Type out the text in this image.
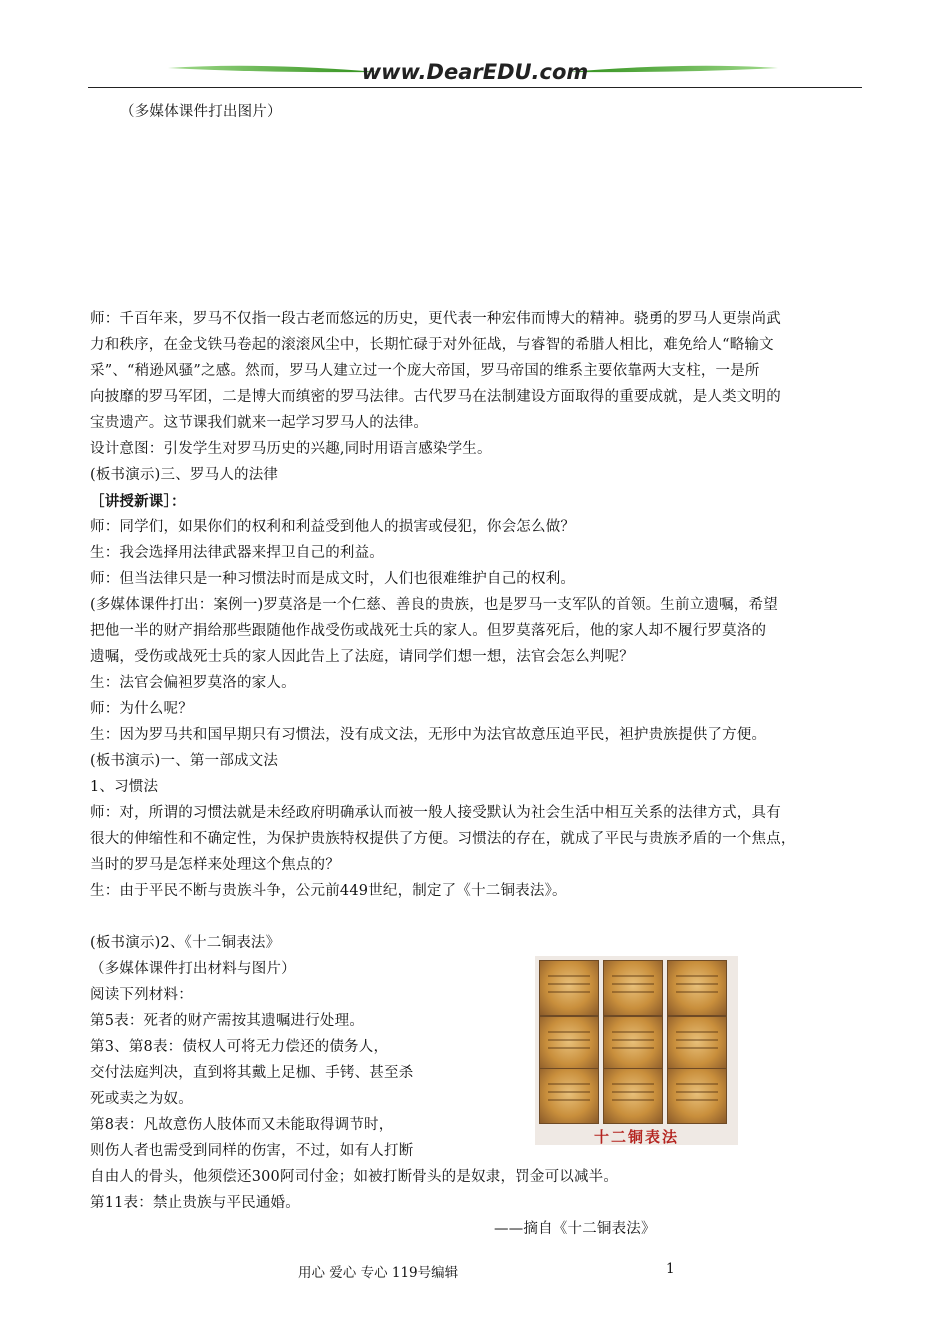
www.DearEDU.com
（多媒体课件打出图片）
师：千百年来，罗马不仅指一段古老而悠远的历史，更代表一种宏伟而博大的精神。骁勇的罗马人更崇尚武
力和秩序，在金戈铁马卷起的滚滚风尘中，长期忙碌于对外征战，与睿智的希腊人相比，难免给人“略输文
采”、“稍逊风骚”之感。然而，罗马人建立过一个庞大帝国，罗马帝国的维系主要依靠两大支柱，一是所
向披靡的罗马军团，二是博大而缜密的罗马法律。古代罗马在法制建设方面取得的重要成就，是人类文明的
宝贵遗产。这节课我们就来一起学习罗马人的法律。
设计意图：引发学生对罗马历史的兴趣,同时用语言感染学生。
(板书演示)三、罗马人的法律
［讲授新课］：
师：同学们，如果你们的权利和利益受到他人的损害或侵犯，你会怎么做？
生：我会选择用法律武器来捍卫自己的利益。
师：但当法律只是一种习惯法时而是成文时，人们也很难维护自己的权利。
(多媒体课件打出：案例一)罗莫洛是一个仁慈、善良的贵族，也是罗马一支军队的首领。生前立遗嘱，希望
把他一半的财产捐给那些跟随他作战受伤或战死士兵的家人。但罗莫落死后，他的家人却不履行罗莫洛的
遗嘱，受伤或战死士兵的家人因此告上了法庭，请同学们想一想，法官会怎么判呢？
生：法官会偏袒罗莫洛的家人。
师：为什么呢？
生：因为罗马共和国早期只有习惯法，没有成文法，无形中为法官故意压迫平民，袒护贵族提供了方便。
(板书演示)一、第一部成文法
1、习惯法
师：对，所谓的习惯法就是未经政府明确承认而被一般人接受默认为社会生活中相互关系的法律方式，具有
很大的伸缩性和不确定性，为保护贵族特权提供了方便。习惯法的存在，就成了平民与贵族矛盾的一个焦点，
当时的罗马是怎样来处理这个焦点的？
生：由于平民不断与贵族斗争，公元前449世纪，制定了《十二铜表法》。
(板书演示)2、《十二铜表法》
（多媒体课件打出材料与图片）
阅读下列材料：
第5表：死者的财产需按其遗嘱进行处理。
第3、第8表：债权人可将无力偿还的债务人，
交付法庭判决，直到将其戴上足枷、手铐、甚至杀
死或卖之为奴。
第8表：凡故意伤人肢体而又未能取得调节时，
则伤人者也需受到同样的伤害，不过，如有人打断
自由人的骨头，他须偿还300阿司付金；如被打断骨头的是奴隶，罚金可以减半。
第11表：禁止贵族与平民通婚。
——摘自《十二铜表法》
十二铜表法
用心 爱心 专心 119号编辑	1
